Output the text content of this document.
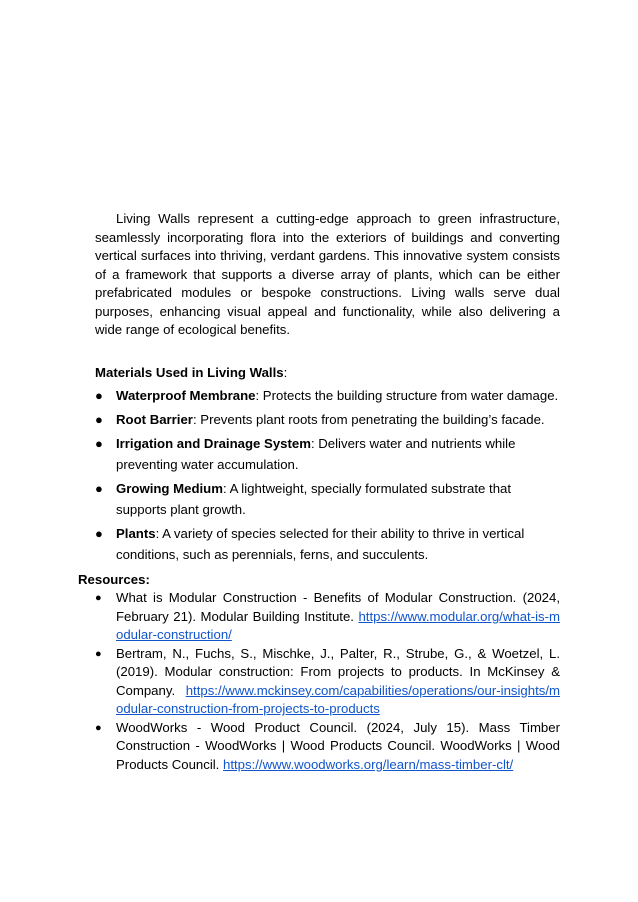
Living Walls represent a cutting-edge approach to green infrastructure, seamlessly incorporating flora into the exteriors of buildings and converting vertical surfaces into thriving, verdant gardens. This innovative system consists of a framework that supports a diverse array of plants, which can be either prefabricated modules or bespoke constructions. Living walls serve dual purposes, enhancing visual appeal and functionality, while also delivering a wide range of ecological benefits.

Materials Used in Living Walls:

● Waterproof Membrane: Protects the building structure from water damage.
● Root Barrier: Prevents plant roots from penetrating the building’s facade.
● Irrigation and Drainage System: Delivers water and nutrients while preventing water accumulation.
● Growing Medium: A lightweight, specially formulated substrate that supports plant growth.
● Plants: A variety of species selected for their ability to thrive in vertical conditions, such as perennials, ferns, and succulents.

Resources:

● What is Modular Construction - Benefits of Modular Construction. (2024, February 21). Modular Building Institute. https://www.modular.org/what-is-modular-construction/
● Bertram, N., Fuchs, S., Mischke, J., Palter, R., Strube, G., & Woetzel, L. (2019). Modular construction: From projects to products. In McKinsey & Company. https://www.mckinsey.com/capabilities/operations/our-insights/modular-construction-from-projects-to-products
● WoodWorks - Wood Product Council. (2024, July 15). Mass Timber Construction - WoodWorks | Wood Products Council. WoodWorks | Wood Products Council. https://www.woodworks.org/learn/mass-timber-clt/
